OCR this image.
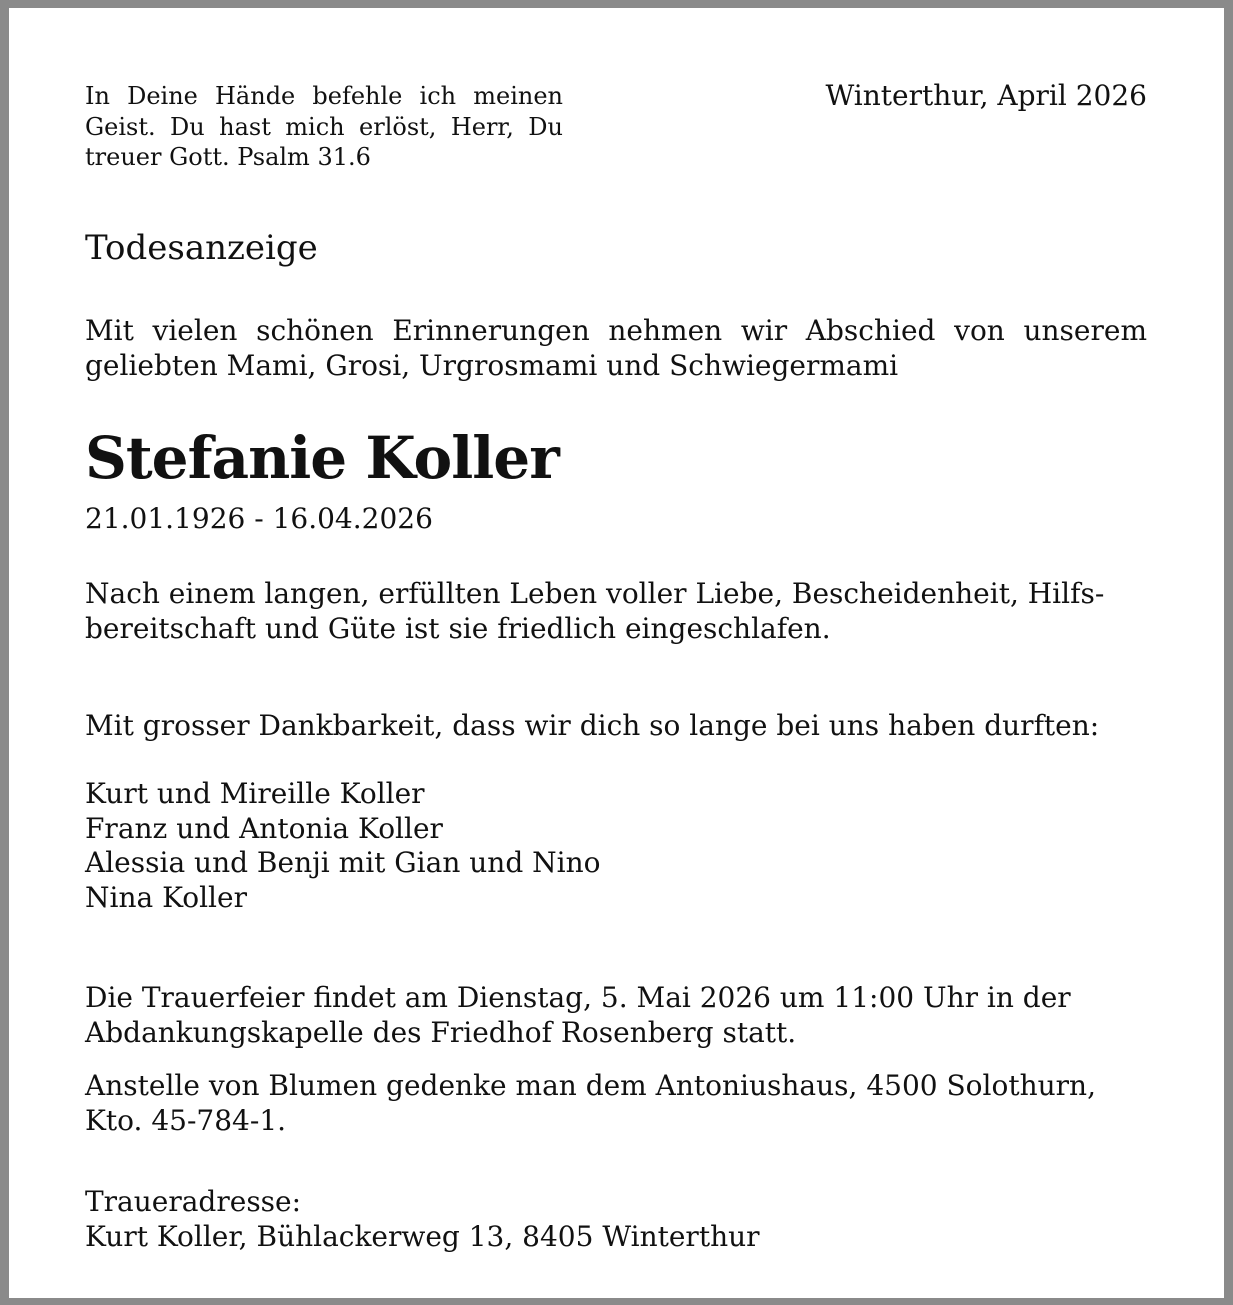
In Deine Hände befehle ich meinen Geist. Du hast mich erlöst, Herr, Du treuer Gott. Psalm 31.6

Winterthur, April 2026

Todesanzeige

Mit vielen schönen Erinnerungen nehmen wir Abschied von unserem geliebten Mami, Grosi, Urgrosmami und Schwiegermami

Stefanie Koller

21.01.1926 - 16.04.2026

Nach einem langen, erfüllten Leben voller Liebe, Bescheidenheit, Hilfsbereitschaft und Güte ist sie friedlich eingeschlafen.

Mit grosser Dankbarkeit, dass wir dich so lange bei uns haben durften:

Kurt und Mireille Koller
Franz und Antonia Koller
Alessia und Benji mit Gian und Nino
Nina Koller

Die Trauerfeier findet am Dienstag, 5. Mai 2026 um 11:00 Uhr in der Abdankungskapelle des Friedhof Rosenberg statt.

Anstelle von Blumen gedenke man dem Antoniushaus, 4500 Solothurn, Kto. 45-784-1.

Traueradresse:
Kurt Koller, Bühlackerweg 13, 8405 Winterthur
